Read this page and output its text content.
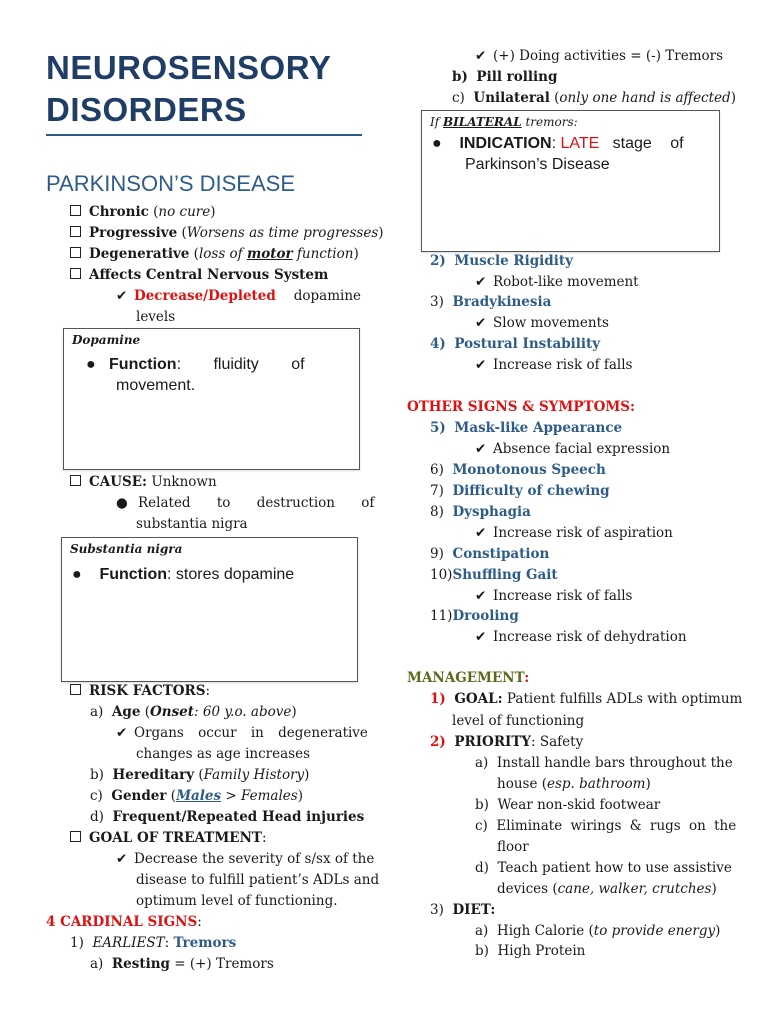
NEUROSENSORY
DISORDERS
PARKINSON’S DISEASE
Chronic (no cure)
Progressive (Worsens as time progresses)
Degenerative (loss of motor function)
Affects Central Nervous System
✔ Decrease/Depleted dopamine
levels
Dopamine
● Function: fluidity of
movement.
CAUSE: Unknown
● Related to destruction of
substantia nigra
Substantia nigra
● Function: stores dopamine
RISK FACTORS:
a) Age (Onset: 60 y.o. above)
✔ Organs occur in degenerative
changes as age increases
b) Hereditary (Family History)
c) Gender (Males > Females)
d) Frequent/Repeated Head injuries
GOAL OF TREATMENT:
✔ Decrease the severity of s/sx of the
disease to fulfill patient’s ADLs and
optimum level of functioning.
4 CARDINAL SIGNS:
1) EARLIEST: Tremors
a) Resting = (+) Tremors
✔ (+) Doing activities = (-) Tremors
b) Pill rolling
c) Unilateral (only one hand is affected)
If BILATERAL tremors:
● INDICATION: LATE stage of
Parkinson’s Disease
2) Muscle Rigidity
✔ Robot-like movement
3) Bradykinesia
✔ Slow movements
4) Postural Instability
✔ Increase risk of falls
OTHER SIGNS & SYMPTOMS:
5) Mask-like Appearance
✔ Absence facial expression
6) Monotonous Speech
7) Difficulty of chewing
8) Dysphagia
✔ Increase risk of aspiration
9) Constipation
10)Shuffling Gait
✔ Increase risk of falls
11)Drooling
✔ Increase risk of dehydration
MANAGEMENT:
1) GOAL: Patient fulfills ADLs with optimum
level of functioning
2) PRIORITY: Safety
a) Install handle bars throughout the
house (esp. bathroom)
b) Wear non-skid footwear
c) Eliminate wirings & rugs on the
floor
d) Teach patient how to use assistive
devices (cane, walker, crutches)
3) DIET:
a) High Calorie (to provide energy)
b) High Protein
